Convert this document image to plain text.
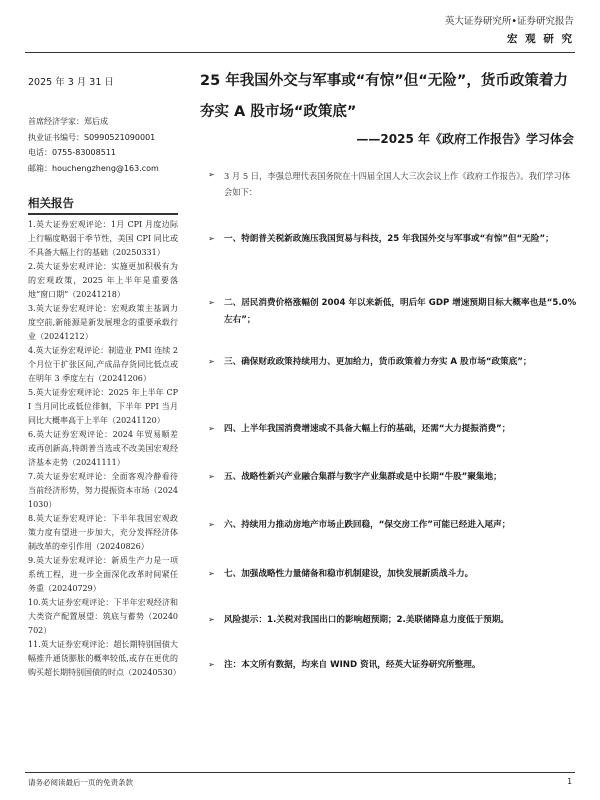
英大证券研究所•证券研究报告
宏 观 研 究
2025 年 3 月 31 日
首席经济学家：郑后成
执业证书编号：S0990521090001
电话：0755-83008511
邮箱：houchengzheng@163.com
相关报告
1.英大证券宏观评论：1月 CPI 月度边际上行幅度略弱于季节性，美国 CPI 同比或不具备大幅上行的基础（20250331）
2.英大证券宏观评论：实施更加积极有为的宏观政策，2025 年上半年是重要落地“窗口期”（20241218）
3.英大证券宏观评论：宏观政策主基调力度空前,新能源是新发展理念的重要承载行业（20241212）
4.英大证券宏观评论：制造业 PMI 连续 2 个月位于扩张区间,产成品存货同比低点或在明年 3 季度左右（20241206）
5.英大证券宏观评论：2025 年上半年 CPI 当月同比或低位徘徊，下半年 PPI 当月同比大概率高于上半年（20241120）
6.英大证券宏观评论：2024 年贸易顺差或再创新高,特朗普当选或不改美国宏观经济基本走势（20241111）
7.英大证券宏观评论：全面客观冷静看待当前经济形势，努力提振资本市场（20241030）
8.英大证券宏观评论：下半年我国宏观政策力度有望进一步加大，充分发挥经济体制改革的牵引作用（20240826）
9.英大证券宏观评论：新质生产力是一项系统工程，进一步全面深化改革时间紧任务重（20240729）
10.英大证券宏观评论：下半年宏观经济和大类资产配置展望：筑底与蓄势（20240702）
11.英大证券宏观评论：超长期特别国债大幅推升通货膨胀的概率较低,或存在更优的购买超长期特别国债的时点（20240530）
25 年我国外交与军事或“有惊”但“无险”，货币政策着力夯实 A 股市场“政策底”
——2025 年《政府工作报告》学习体会
➢ 3 月 5 日，李强总理代表国务院在十四届全国人大三次会议上作《政府工作报告》。我们学习体会如下：
➢ 一、特朗普关税新政施压我国贸易与科技，25 年我国外交与军事或“有惊”但“无险”；
➢ 二、居民消费价格涨幅创 2004 年以来新低，明后年 GDP 增速预期目标大概率也是“5.0%左右”；
➢ 三、确保财政政策持续用力、更加给力，货币政策着力夯实 A 股市场“政策底”；
➢ 四、上半年我国消费增速或不具备大幅上行的基础，还需“大力提振消费”；
➢ 五、战略性新兴产业融合集群与数字产业集群或是中长期“牛股”聚集地；
➢ 六、持续用力推动房地产市场止跌回稳，“保交房工作”可能已经进入尾声；
➢ 七、加强战略性力量储备和稳市机制建设，加快发展新质战斗力。
➢ 风险提示：1.关税对我国出口的影响超预期；2.美联储降息力度低于预期。
➢ 注：本文所有数据，均来自 WIND 资讯，经英大证券研究所整理。
请务必阅读最后一页的免责条款	1
